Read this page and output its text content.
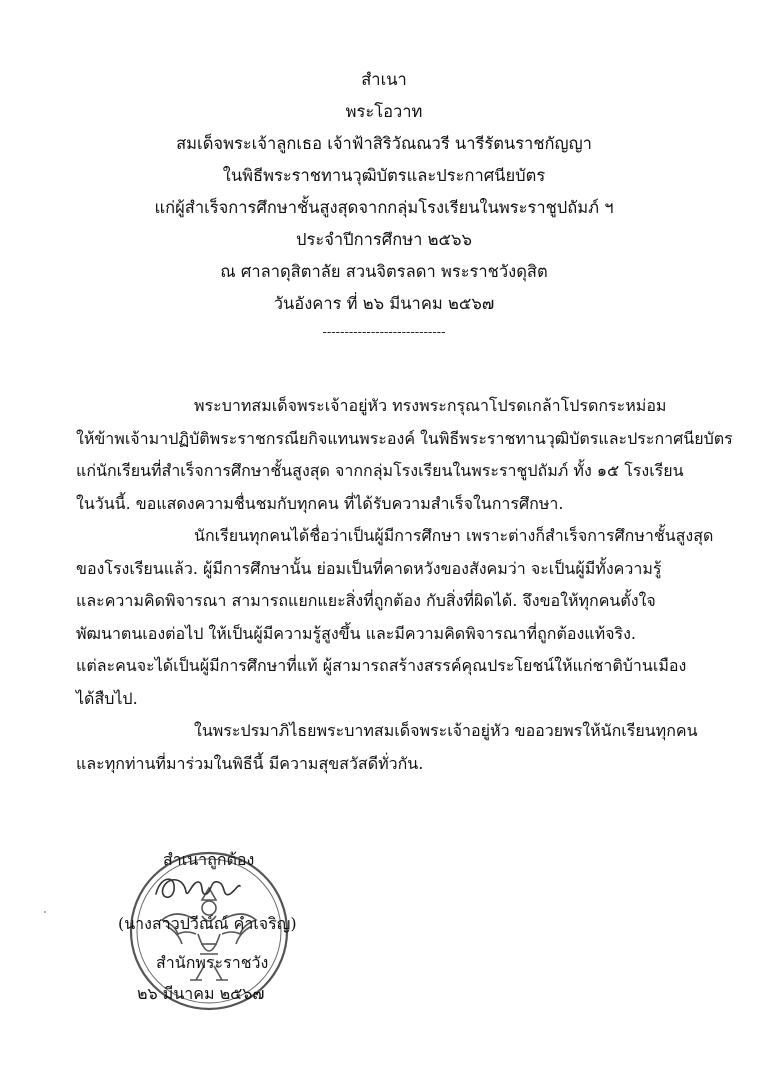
สำเนา
พระโอวาท
สมเด็จพระเจ้าลูกเธอ เจ้าฟ้าสิริวัณณวรี นารีรัตนราชกัญญา
ในพิธีพระราชทานวุฒิบัตรและประกาศนียบัตร
แก่ผู้สำเร็จการศึกษาชั้นสูงสุดจากกลุ่มโรงเรียนในพระราชูปถัมภ์ ฯ
ประจำปีการศึกษา ๒๕๖๖
ณ ศาลาดุสิตาลัย สวนจิตรลดา พระราชวังดุสิต
วันอังคาร ที่ ๒๖ มีนาคม ๒๕๖๗
----------------------------
พระบาทสมเด็จพระเจ้าอยู่หัว ทรงพระกรุณาโปรดเกล้าโปรดกระหม่อม
ให้ข้าพเจ้ามาปฏิบัติพระราชกรณียกิจแทนพระองค์ ในพิธีพระราชทานวุฒิบัตรและประกาศนียบัตร
แก่นักเรียนที่สำเร็จการศึกษาชั้นสูงสุด จากกลุ่มโรงเรียนในพระราชูปถัมภ์ ทั้ง ๑๕ โรงเรียน
ในวันนี้. ขอแสดงความชื่นชมกับทุกคน ที่ได้รับความสำเร็จในการศึกษา.
นักเรียนทุกคนได้ชื่อว่าเป็นผู้มีการศึกษา เพราะต่างก็สำเร็จการศึกษาชั้นสูงสุด
ของโรงเรียนแล้ว. ผู้มีการศึกษานั้น ย่อมเป็นที่คาดหวังของสังคมว่า จะเป็นผู้มีทั้งความรู้
และความคิดพิจารณา สามารถแยกแยะสิ่งที่ถูกต้อง กับสิ่งที่ผิดได้. จึงขอให้ทุกคนตั้งใจ
พัฒนาตนเองต่อไป ให้เป็นผู้มีความรู้สูงขึ้น และมีความคิดพิจารณาที่ถูกต้องแท้จริง.
แต่ละคนจะได้เป็นผู้มีการศึกษาที่แท้ ผู้สามารถสร้างสรรค์คุณประโยชน์ให้แก่ชาติบ้านเมือง
ได้สืบไป.
ในพระปรมาภิไธยพระบาทสมเด็จพระเจ้าอยู่หัว ขออวยพรให้นักเรียนทุกคน
และทุกท่านที่มาร่วมในพิธีนี้ มีความสุขสวัสดีทั่วกัน.
สำเนาถูกต้อง
(นางสาวปวีณ์ณ์ คำเจริญ)
สำนักพระราชวัง
๒๖ มีนาคม ๒๕๖๗
